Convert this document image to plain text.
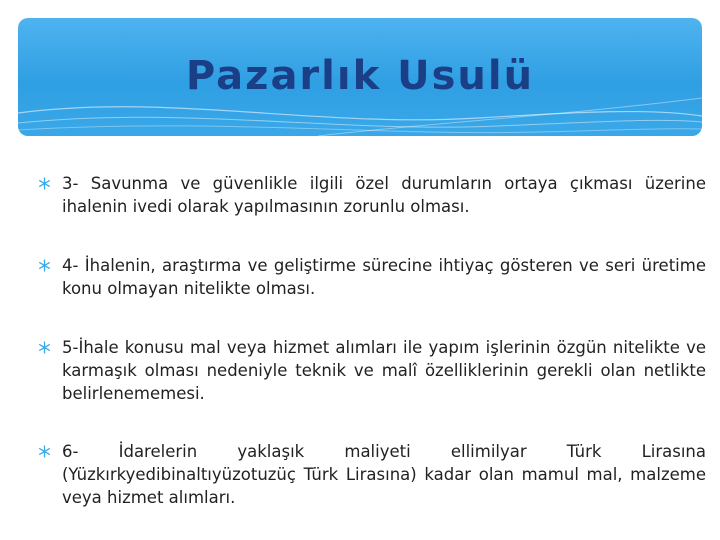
Pazarlık Usulü
3- Savunma ve güvenlikle ilgili özel durumların ortaya çıkması üzerine ihalenin ivedi olarak yapılmasının zorunlu olması.
4- İhalenin, araştırma ve geliştirme sürecine ihtiyaç gösteren ve seri üretime konu olmayan nitelikte olması.
5-İhale konusu mal veya hizmet alımları ile yapım işlerinin özgün nitelikte ve karmaşık olması nedeniyle teknik ve malî özelliklerinin gerekli olan netlikte belirlenememesi.
6- İdarelerin yaklaşık maliyeti ellimilyar Türk Lirasına (Yüzkırkyedibinaltıyüzotuzüç Türk Lirasına) kadar olan mamul mal, malzeme veya hizmet alımları.
